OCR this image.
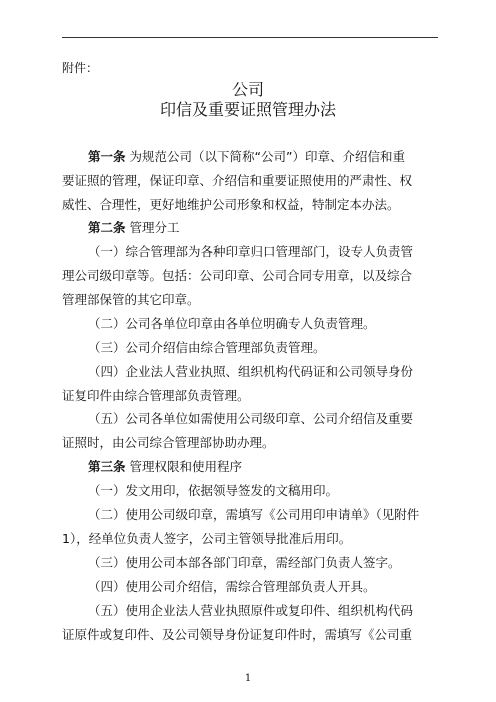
附件：
公司
印信及重要证照管理办法
第一条 为规范公司（以下简称“公司”）印章、介绍信和重
要证照的管理，保证印章、介绍信和重要证照使用的严肃性、权
威性、合理性，更好地维护公司形象和权益，特制定本办法。
第二条 管理分工
（一）综合管理部为各种印章归口管理部门，设专人负责管
理公司级印章等。包括：公司印章、公司合同专用章，以及综合
管理部保管的其它印章。
（二）公司各单位印章由各单位明确专人负责管理。
（三）公司介绍信由综合管理部负责管理。
（四）企业法人营业执照、组织机构代码证和公司领导身份
证复印件由综合管理部负责管理。
（五）公司各单位如需使用公司级印章、公司介绍信及重要
证照时，由公司综合管理部协助办理。
第三条 管理权限和使用程序
（一）发文用印，依据领导签发的文稿用印。
（二）使用公司级印章，需填写《公司用印申请单》（见附件
1），经单位负责人签字，公司主管领导批准后用印。
（三）使用公司本部各部门印章，需经部门负责人签字。
（四）使用公司介绍信，需综合管理部负责人开具。
（五）使用企业法人营业执照原件或复印件、组织机构代码
证原件或复印件、及公司领导身份证复印件时，需填写《公司重
1
